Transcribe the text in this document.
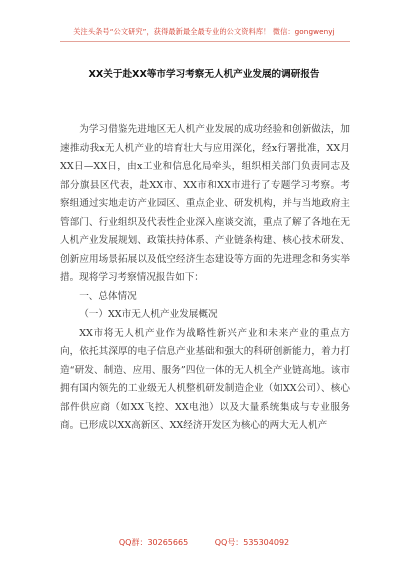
关注头条号“公文研究”，获得最新最全最专业的公文资料库！ 微信：gongwenyj
XX关于赴XX等市学习考察无人机产业发展的调研报告

为学习借鉴先进地区无人机产业发展的成功经验和创新做法，加速推动我x无人机产业的培育壮大与应用深化，经x行署批准，XX月XX日—XX日，由x工业和信息化局牵头，组织相关部门负责同志及部分旗县区代表，赴XX市、XX市和XX市进行了专题学习考察。考察组通过实地走访产业园区、重点企业、研发机构，并与当地政府主管部门、行业组织及代表性企业深入座谈交流，重点了解了各地在无人机产业发展规划、政策扶持体系、产业链条构建、核心技术研发、创新应用场景拓展以及低空经济生态建设等方面的先进理念和务实举措。现将学习考察情况报告如下：

一、总体情况

（一）XX市无人机产业发展概况

XX市将无人机产业作为战略性新兴产业和未来产业的重点方向，依托其深厚的电子信息产业基础和强大的科研创新能力，着力打造“研发、制造、应用、服务”四位一体的无人机全产业链高地。该市拥有国内领先的工业级无人机整机研发制造企业（如XX公司）、核心部件供应商（如XX飞控、XX电池）以及大量系统集成与专业服务商。已形成以XX高新区、XX经济开发区为核心的两大无人机产

QQ群：30265665	QQ号：535304092
